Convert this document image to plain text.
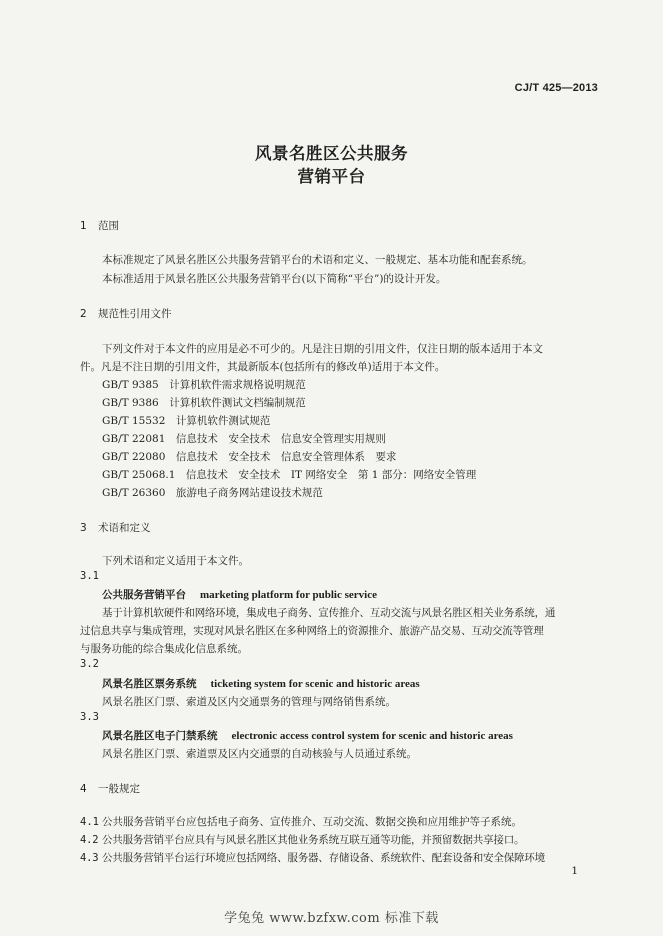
CJ/T 425—2013
风景名胜区公共服务
营销平台
1 范围
本标准规定了风景名胜区公共服务营销平台的术语和定义、一般规定、基本功能和配套系统。
本标准适用于风景名胜区公共服务营销平台(以下简称“平台”)的设计开发。
2 规范性引用文件
下列文件对于本文件的应用是必不可少的。凡是注日期的引用文件，仅注日期的版本适用于本文
件。凡是不注日期的引用文件，其最新版本(包括所有的修改单)适用于本文件。
GB/T 9385　计算机软件需求规格说明规范
GB/T 9386　计算机软件测试文档编制规范
GB/T 15532　计算机软件测试规范
GB/T 22081　信息技术　安全技术　信息安全管理实用规则
GB/T 22080　信息技术　安全技术　信息安全管理体系　要求
GB/T 25068.1　信息技术　安全技术　IT 网络安全　第 1 部分：网络安全管理
GB/T 26360　旅游电子商务网站建设技术规范
3 术语和定义
下列术语和定义适用于本文件。
3.1
公共服务营销平台 marketing platform for public service
基于计算机软硬件和网络环境，集成电子商务、宣传推介、互动交流与风景名胜区相关业务系统，通
过信息共享与集成管理，实现对风景名胜区在多种网络上的资源推介、旅游产品交易、互动交流等管理
与服务功能的综合集成化信息系统。
3.2
风景名胜区票务系统 ticketing system for scenic and historic areas
风景名胜区门票、索道及区内交通票务的管理与网络销售系统。
3.3
风景名胜区电子门禁系统 electronic access control system for scenic and historic areas
风景名胜区门票、索道票及区内交通票的自动核验与人员通过系统。
4 一般规定
4.1 公共服务营销平台应包括电子商务、宣传推介、互动交流、数据交换和应用维护等子系统。
4.2 公共服务营销平台应具有与风景名胜区其他业务系统互联互通等功能，并预留数据共享接口。
4.3 公共服务营销平台运行环境应包括网络、服务器、存储设备、系统软件、配套设备和安全保障环境
1
学兔兔 www.bzfxw.com 标准下载
